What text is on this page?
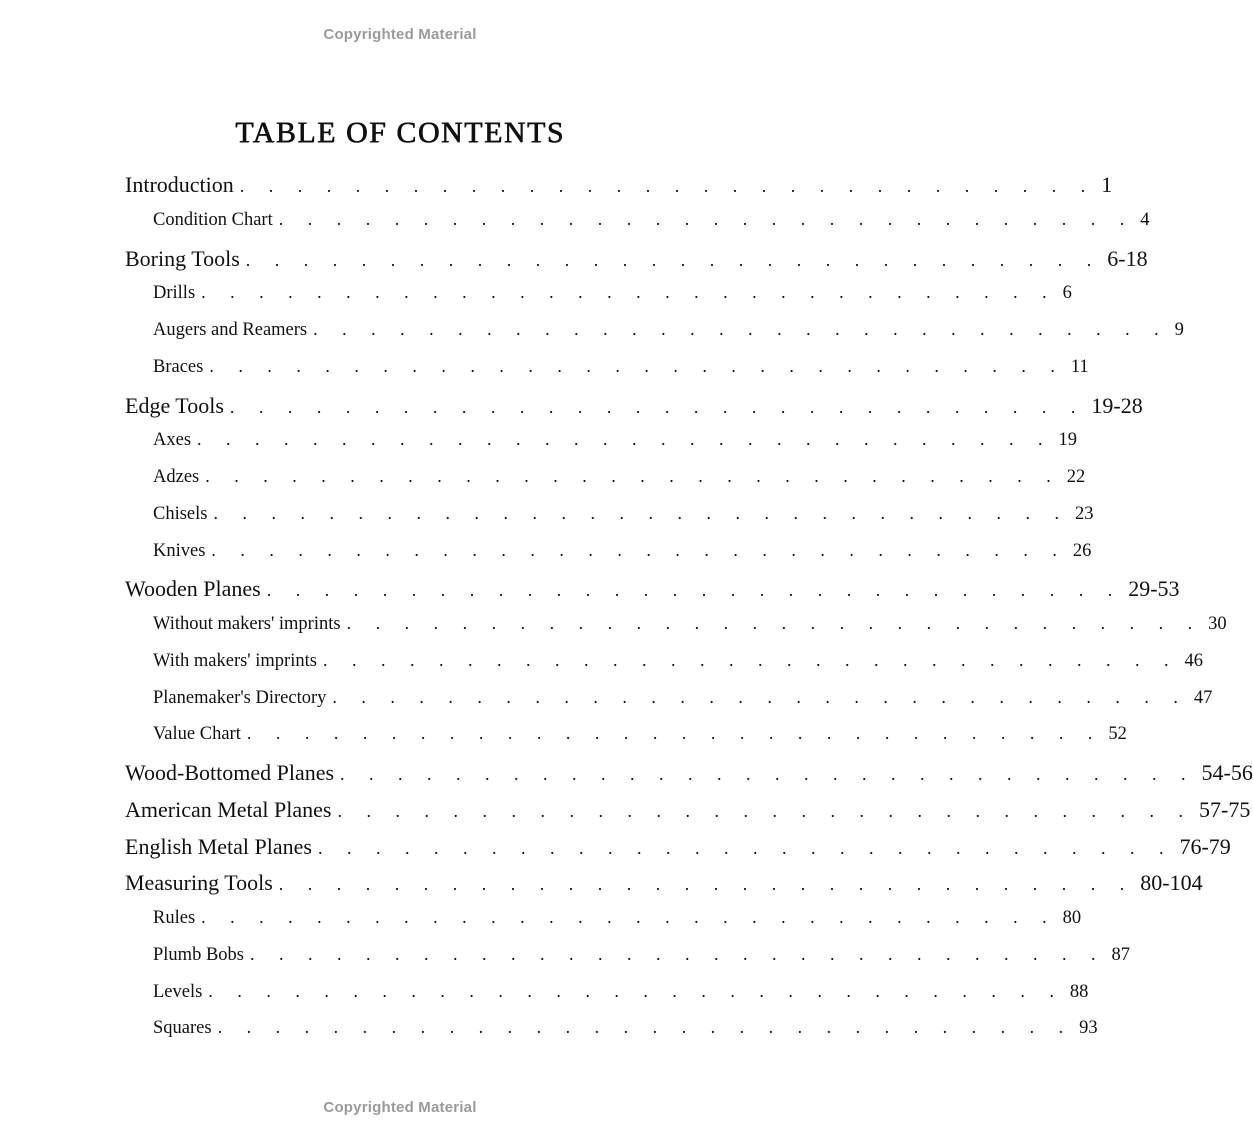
Copyrighted Material
TABLE OF CONTENTS
Introduction . . . . . . . . . . . . . . . . . . . . . . . . . . . . . . 1
Condition Chart . . . . . . . . . . . . . . . . . . . . . . . . . . . . . . 4
Boring Tools . . . . . . . . . . . . . . . . . . . . . . . . . . . . . . 6-18
Drills . . . . . . . . . . . . . . . . . . . . . . . . . . . . . . 6
Augers and Reamers . . . . . . . . . . . . . . . . . . . . . . . . . . . . . . 9
Braces . . . . . . . . . . . . . . . . . . . . . . . . . . . . . . 11
Edge Tools . . . . . . . . . . . . . . . . . . . . . . . . . . . . . . 19-28
Axes . . . . . . . . . . . . . . . . . . . . . . . . . . . . . . 19
Adzes . . . . . . . . . . . . . . . . . . . . . . . . . . . . . . 22
Chisels . . . . . . . . . . . . . . . . . . . . . . . . . . . . . . 23
Knives . . . . . . . . . . . . . . . . . . . . . . . . . . . . . . 26
Wooden Planes . . . . . . . . . . . . . . . . . . . . . . . . . . . . . . 29-53
Without makers' imprints . . . . . . . . . . . . . . . . . . . . . . . . . . . . . . 30
With makers' imprints . . . . . . . . . . . . . . . . . . . . . . . . . . . . . . 46
Planemaker's Directory . . . . . . . . . . . . . . . . . . . . . . . . . . . . . . 47
Value Chart . . . . . . . . . . . . . . . . . . . . . . . . . . . . . . 52
Wood-Bottomed Planes . . . . . . . . . . . . . . . . . . . . . . . . . . . . . . 54-56
American Metal Planes . . . . . . . . . . . . . . . . . . . . . . . . . . . . . . 57-75
English Metal Planes . . . . . . . . . . . . . . . . . . . . . . . . . . . . . . 76-79
Measuring Tools . . . . . . . . . . . . . . . . . . . . . . . . . . . . . . 80-104
Rules . . . . . . . . . . . . . . . . . . . . . . . . . . . . . . 80
Plumb Bobs . . . . . . . . . . . . . . . . . . . . . . . . . . . . . . 87
Levels . . . . . . . . . . . . . . . . . . . . . . . . . . . . . . 88
Squares . . . . . . . . . . . . . . . . . . . . . . . . . . . . . . 93
Copyrighted Material
